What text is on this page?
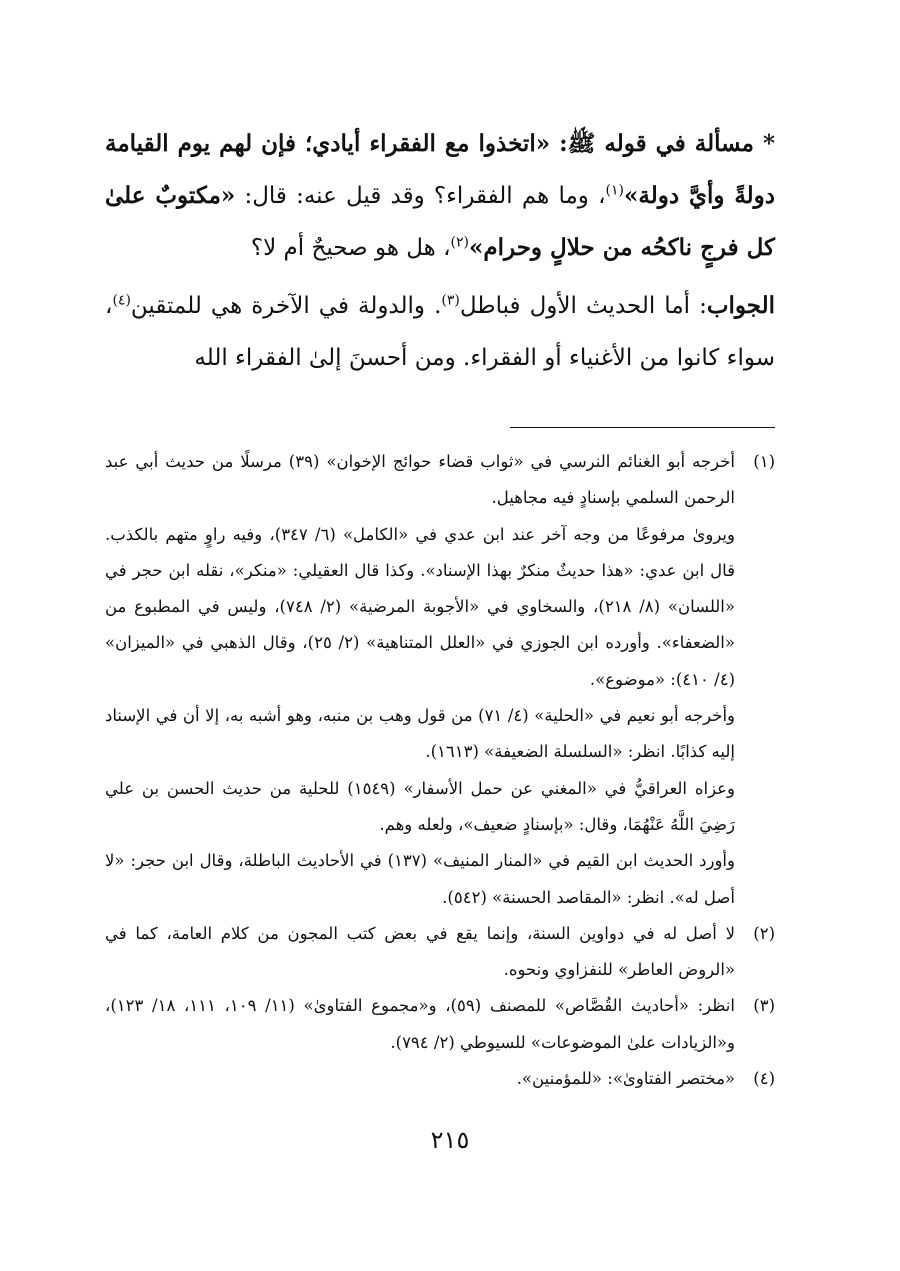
* مسألة في قوله ﷺ: «اتخذوا مع الفقراء أيادي؛ فإن لهم يوم القيامة دولةً وأيَّ دولة»$^{(١)}$، وما هم الفقراء؟ وقد قيل عنه: قال: «مكتوبٌ علىٰ كل فرجٍ ناكحُه من حلالٍ وحرام»$^{(٢)}$، هل هو صحيحٌ أم لا؟

الجواب: أما الحديث الأول فباطل$^{(٣)}$. والدولة في الآخرة هي للمتقين$^{(٤)}$، سواء كانوا من الأغنياء أو الفقراء. ومن أحسنَ إلىٰ الفقراء الله

(١)

أخرجه أبو الغنائم النرسي في «ثواب قضاء حوائج الإخوان» (٣٩) مرسلًا من حديث أبي عبد الرحمن السلمي بإسنادٍ فيه مجاهيل.

ويروىٰ مرفوعًا من وجه آخر عند ابن عدي في «الكامل» (٦/ ٣٤٧)، وفيه راوٍ متهم بالكذب. قال ابن عدي: «هذا حديثٌ منكرٌ بهذا الإسناد». وكذا قال العقيلي: «منكر»، نقله ابن حجر في «اللسان» (٨/ ٢١٨)، والسخاوي في «الأجوبة المرضية» (٢/ ٧٤٨)، وليس في المطبوع من «الضعفاء». وأورده ابن الجوزي في «العلل المتناهية» (٢/ ٢٥)، وقال الذهبي في «الميزان» (٤/ ٤١٠): «موضوع».

وأخرجه أبو نعيم في «الحلية» (٤/ ٧١) من قول وهب بن منبه، وهو أشبه به، إلا أن في الإسناد إليه كذابًا. انظر: «السلسلة الضعيفة» (١٦١٣).

وعزاه العراقيُّ في «المغني عن حمل الأسفار» (١٥٤٩) للحلية من حديث الحسن بن علي رَضِيَ اللَّهُ عَنْهُمَا، وقال: «بإسنادٍ ضعيف»، ولعله وهم.

وأورد الحديث ابن القيم في «المنار المنيف» (١٣٧) في الأحاديث الباطلة، وقال ابن حجر: «لا أصل له». انظر: «المقاصد الحسنة» (٥٤٢).

(٢)

لا أصل له في دواوين السنة، وإنما يقع في بعض كتب المجون من كلام العامة، كما في «الروض العاطر» للنفزاوي ونحوه.

(٣)

انظر: «أحاديث القُصَّاص» للمصنف (٥٩)، و«مجموع الفتاوىٰ» (١١/ ١٠٩، ١١١، ١٨/ ١٢٣)، و«الزيادات علىٰ الموضوعات» للسيوطي (٢/ ٧٩٤).

(٤)

«مختصر الفتاوىٰ»: «للمؤمنين».

٢١٥
